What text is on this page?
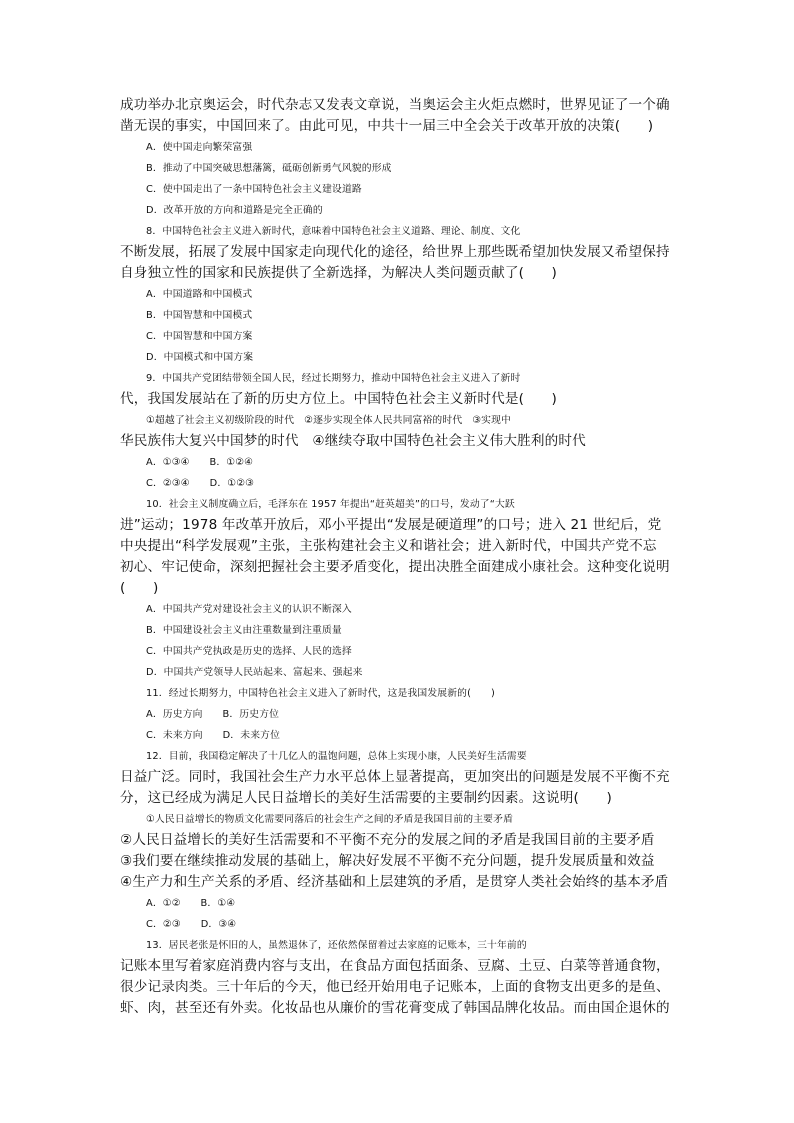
成功举办北京奥运会，时代杂志又发表文章说，当奥运会主火炬点燃时，世界见证了一个确
凿无误的事实，中国回来了。由此可见，中共十一届三中全会关于改革开放的决策(　　)
A．使中国走向繁荣富强
B．推动了中国突破思想藩篱，砥砺创新勇气风貌的形成
C．使中国走出了一条中国特色社会主义建设道路
D．改革开放的方向和道路是完全正确的
8．中国特色社会主义进入新时代，意味着中国特色社会主义道路、理论、制度、文化
不断发展，拓展了发展中国家走向现代化的途径，给世界上那些既希望加快发展又希望保持
自身独立性的国家和民族提供了全新选择，为解决人类问题贡献了(　　)
A．中国道路和中国模式
B．中国智慧和中国模式
C．中国智慧和中国方案
D．中国模式和中国方案
9．中国共产党团结带领全国人民，经过长期努力，推动中国特色社会主义进入了新时
代，我国发展站在了新的历史方位上。中国特色社会主义新时代是(　　)
①超越了社会主义初级阶段的时代　②逐步实现全体人民共同富裕的时代　③实现中
华民族伟大复兴中国梦的时代　④继续夺取中国特色社会主义伟大胜利的时代
A．①③④　　B．①②④
C．②③④　　D．①②③
10．社会主义制度确立后，毛泽东在 1957 年提出“赶英超美”的口号，发动了“大跃
进”运动；1978 年改革开放后，邓小平提出“发展是硬道理”的口号；进入 21 世纪后，党
中央提出“科学发展观”主张，主张构建社会主义和谐社会；进入新时代，中国共产党不忘
初心、牢记使命，深刻把握社会主要矛盾变化，提出决胜全面建成小康社会。这种变化说明
(　　)
A．中国共产党对建设社会主义的认识不断深入
B．中国建设社会主义由注重数量到注重质量
C．中国共产党执政是历史的选择、人民的选择
D．中国共产党领导人民站起来、富起来、强起来
11．经过长期努力，中国特色社会主义进入了新时代，这是我国发展新的(　　)
A．历史方向　　B．历史方位
C．未来方向　　D．未来方位
12．目前，我国稳定解决了十几亿人的温饱问题，总体上实现小康，人民美好生活需要
日益广泛。同时，我国社会生产力水平总体上显著提高，更加突出的问题是发展不平衡不充
分，这已经成为满足人民日益增长的美好生活需要的主要制约因素。这说明(　　)
①人民日益增长的物质文化需要同落后的社会生产之间的矛盾是我国目前的主要矛盾
②人民日益增长的美好生活需要和不平衡不充分的发展之间的矛盾是我国目前的主要矛盾
③我们要在继续推动发展的基础上，解决好发展不平衡不充分问题，提升发展质量和效益
④生产力和生产关系的矛盾、经济基础和上层建筑的矛盾，是贯穿人类社会始终的基本矛盾
A．①②　　B．①④
C．②③　　D．③④
13．居民老张是怀旧的人，虽然退休了，还依然保留着过去家庭的记账本，三十年前的
记账本里写着家庭消费内容与支出，在食品方面包括面条、豆腐、土豆、白菜等普通食物，
很少记录肉类。三十年后的今天，他已经开始用电子记账本，上面的食物支出更多的是鱼、
虾、肉，甚至还有外卖。化妆品也从廉价的雪花膏变成了韩国品牌化妆品。而由国企退休的
